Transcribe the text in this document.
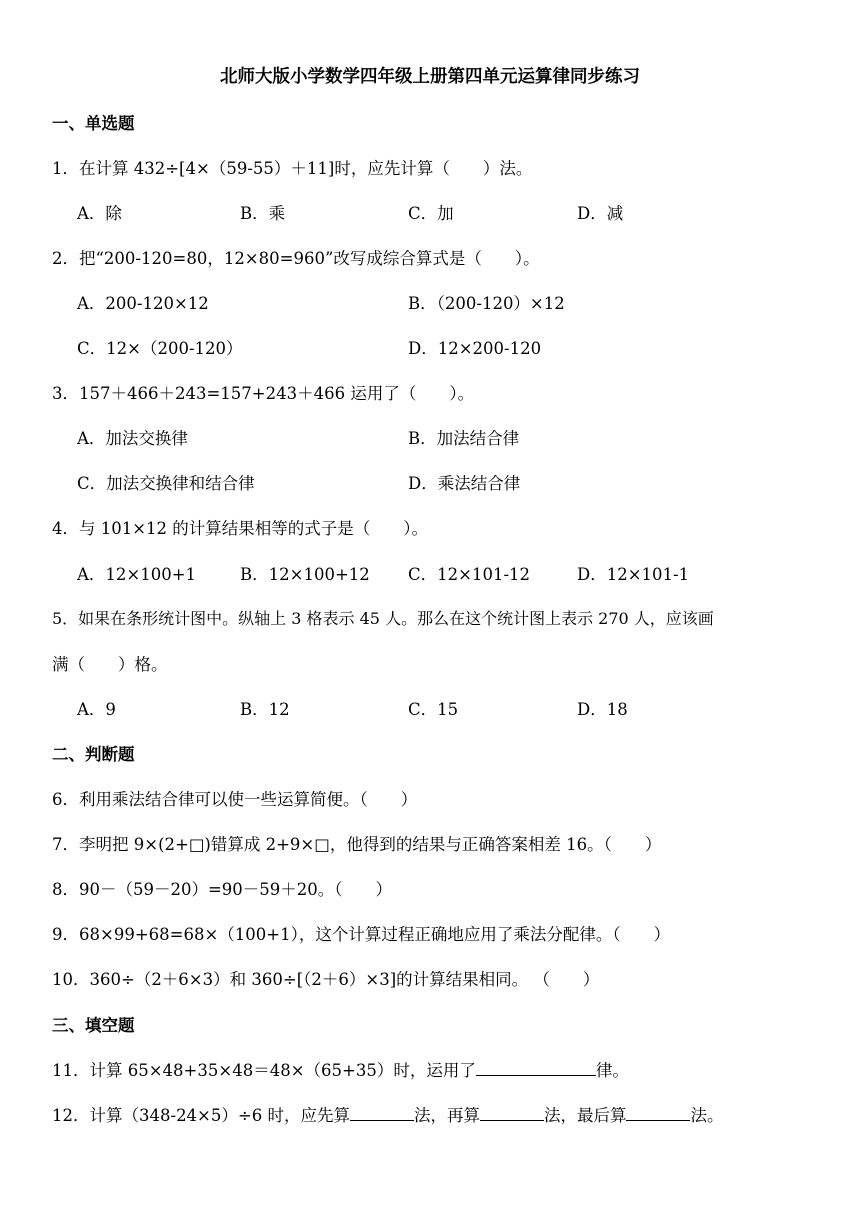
北师大版小学数学四年级上册第四单元运算律同步练习
一、单选题
1．在计算 432÷[4×（59-55）＋11]时，应先计算（　　）法。
A．除	B．乘	C．加	D．减
2．把“200-120=80，12×80=960”改写成综合算式是（　　）。
A．200-120×12	B．（200-120）×12
C．12×（200-120）	D．12×200-120
3．157＋466＋243=157+243＋466 运用了（　　）。
A．加法交换律	B．加法结合律
C．加法交换律和结合律	D．乘法结合律
4．与 101×12 的计算结果相等的式子是（　　）。
A．12×100+1	B．12×100+12 C．12×101-12	D．12×101-1
5．如果在条形统计图中。纵轴上 3 格表示 45 人。那么在这个统计图上表示 270 人，应该画
满（　　）格。
A．9	B．12	C．15	D．18
二、判断题
6．利用乘法结合律可以使一些运算简便。（　　）
7．李明把 9×(2+□)错算成 2+9×□，他得到的结果与正确答案相差 16。（　　）
8．90－（59－20）=90－59＋20。（　　）
9．68×99+68=68×（100+1），这个计算过程正确地应用了乘法分配律。（　　）
10．360÷（2＋6×3）和 360÷[（2＋6）×3]的计算结果相同。 （　　）
三、填空题
11．计算 65×48+35×48＝48×（65+35）时，运用了	律。
12．计算（348-24×5）÷6 时，应先算	法，再算	法，最后算	法。
